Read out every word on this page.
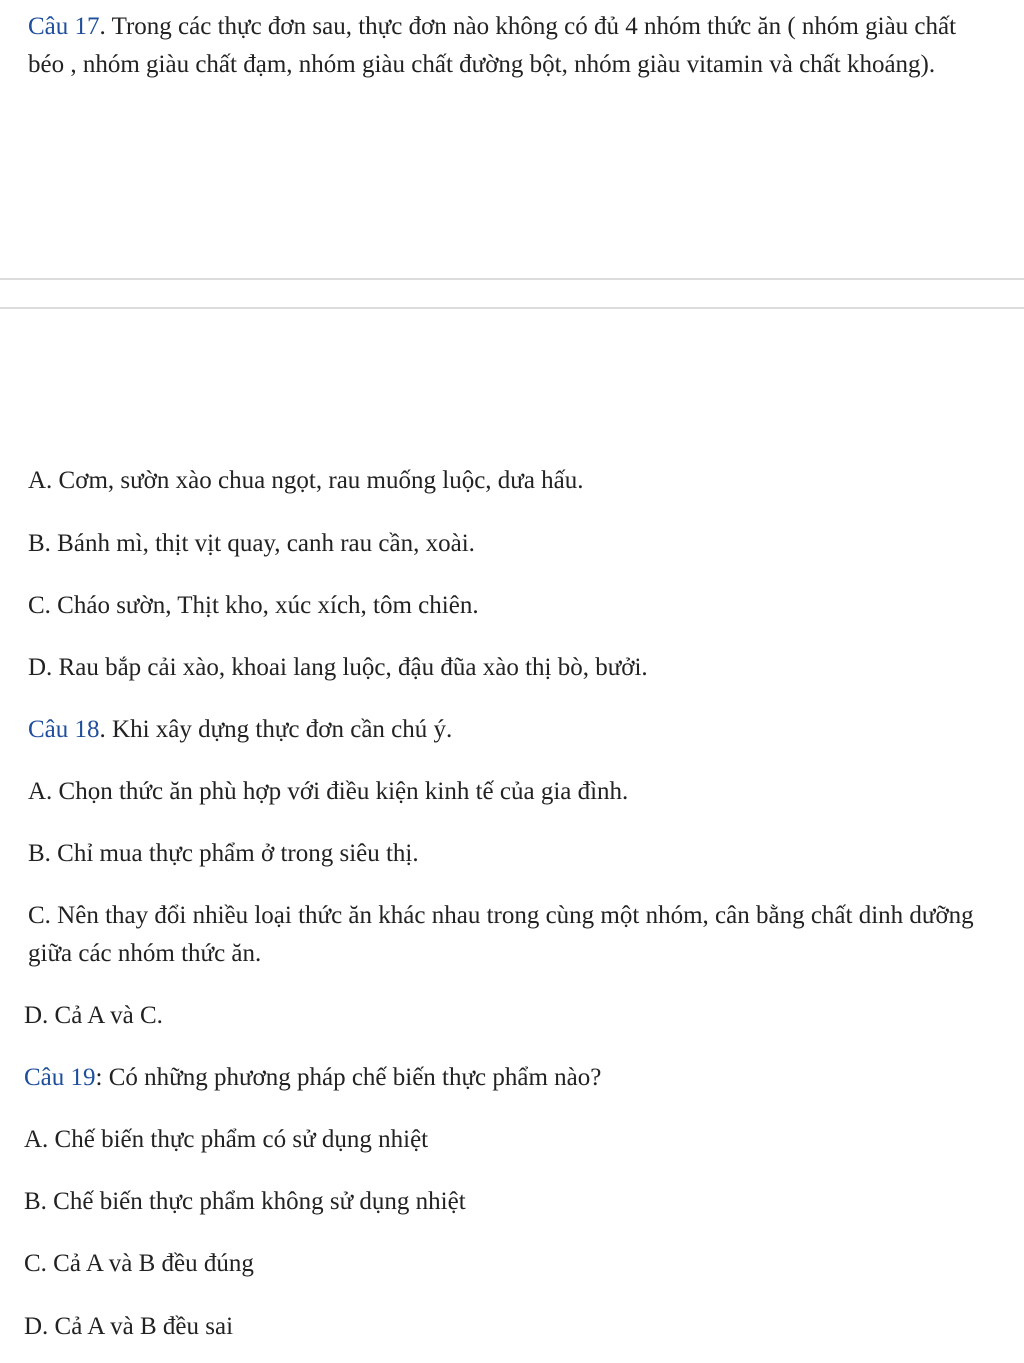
Câu 17. Trong các thực đơn sau, thực đơn nào không có đủ 4 nhóm thức ăn ( nhóm giàu chất béo , nhóm giàu chất đạm, nhóm giàu chất đường bột, nhóm giàu vitamin và chất khoáng).
A. Cơm, sườn xào chua ngọt, rau muống luộc, dưa hấu.
B. Bánh mì, thịt vịt quay, canh rau cần, xoài.
C. Cháo sườn, Thịt kho, xúc xích, tôm chiên.
D. Rau bắp cải xào, khoai lang luộc, đậu đũa xào thị bò, bưởi.
Câu 18. Khi xây dựng thực đơn cần chú ý.
A. Chọn thức ăn phù hợp với điều kiện kinh tế của gia đình.
B. Chỉ mua thực phẩm ở trong siêu thị.
C. Nên thay đổi nhiều loại thức ăn khác nhau trong cùng một nhóm, cân bằng chất dinh dưỡng giữa các nhóm thức ăn.
D. Cả A và C.
Câu 19: Có những phương pháp chế biến thực phẩm nào?
A. Chế biến thực phẩm có sử dụng nhiệt
B. Chế biến thực phẩm không sử dụng nhiệt
C. Cả A và B đều đúng
D. Cả A và B đều sai
